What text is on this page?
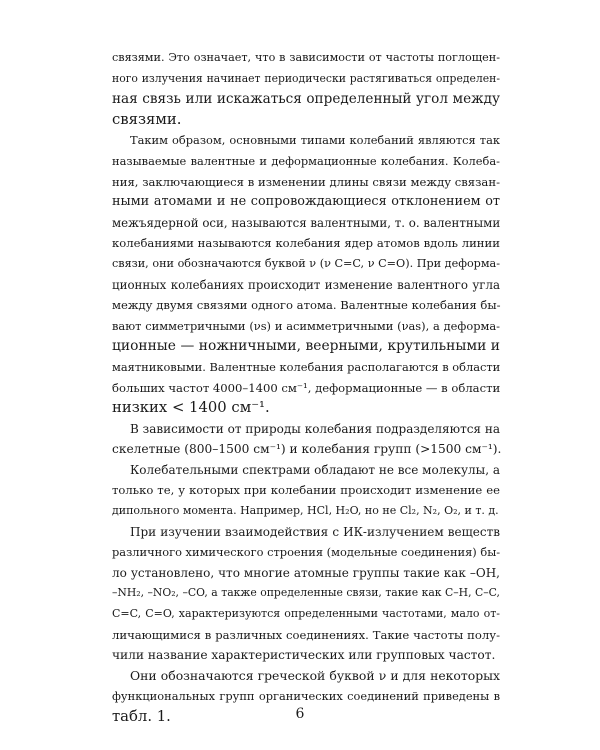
связями. Это означает, что в зависимости от частоты поглощен-
ного излучения начинает периодически растягиваться определен-
ная связь или искажаться определенный угол между
связями.
Таким образом, основными типами колебаний являются так
называемые валентные и деформационные колебания. Колеба-
ния, заключающиеся в изменении длины связи между связан-
ными атомами и не сопровождающиеся отклонением от
межъядерной оси, называются валентными, т. о. валентными
колебаниями называются колебания ядер атомов вдоль линии
связи, они обозначаются буквой ν (ν C=C, ν C=O). При деформа-
ционных колебаниях происходит изменение валентного угла
между двумя связями одного атома. Валентные колебания бы-
вают симметричными (νs) и асимметричными (νas), а деформа-
ционные — ножничными, веерными, крутильными и
маятниковыми. Валентные колебания располагаются в области
больших частот 4000–1400 см⁻¹, деформационные — в области
низких < 1400 см⁻¹.
В зависимости от природы колебания подразделяются на
скелетные (800–1500 см⁻¹) и колебания групп (>1500 см⁻¹).
Колебательными спектрами обладают не все молекулы, а
только те, у которых при колебании происходит изменение ее
дипольного момента. Например, HCl, H₂O, но не Cl₂, N₂, O₂, и т. д.
При изучении взаимодействия с ИК-излучением веществ
различного химического строения (модельные соединения) бы-
ло установлено, что многие атомные группы такие как –OH,
–NH₂, –NO₂, –CO, а также определенные связи, такие как C–H, C–C,
C=C, C=O, характеризуются определенными частотами, мало от-
личающимися в различных соединениях. Такие частоты полу-
чили название характеристических или групповых частот.
Они обозначаются греческой буквой ν и для некоторых
функциональных групп органических соединений приведены в
табл. 1.	6
